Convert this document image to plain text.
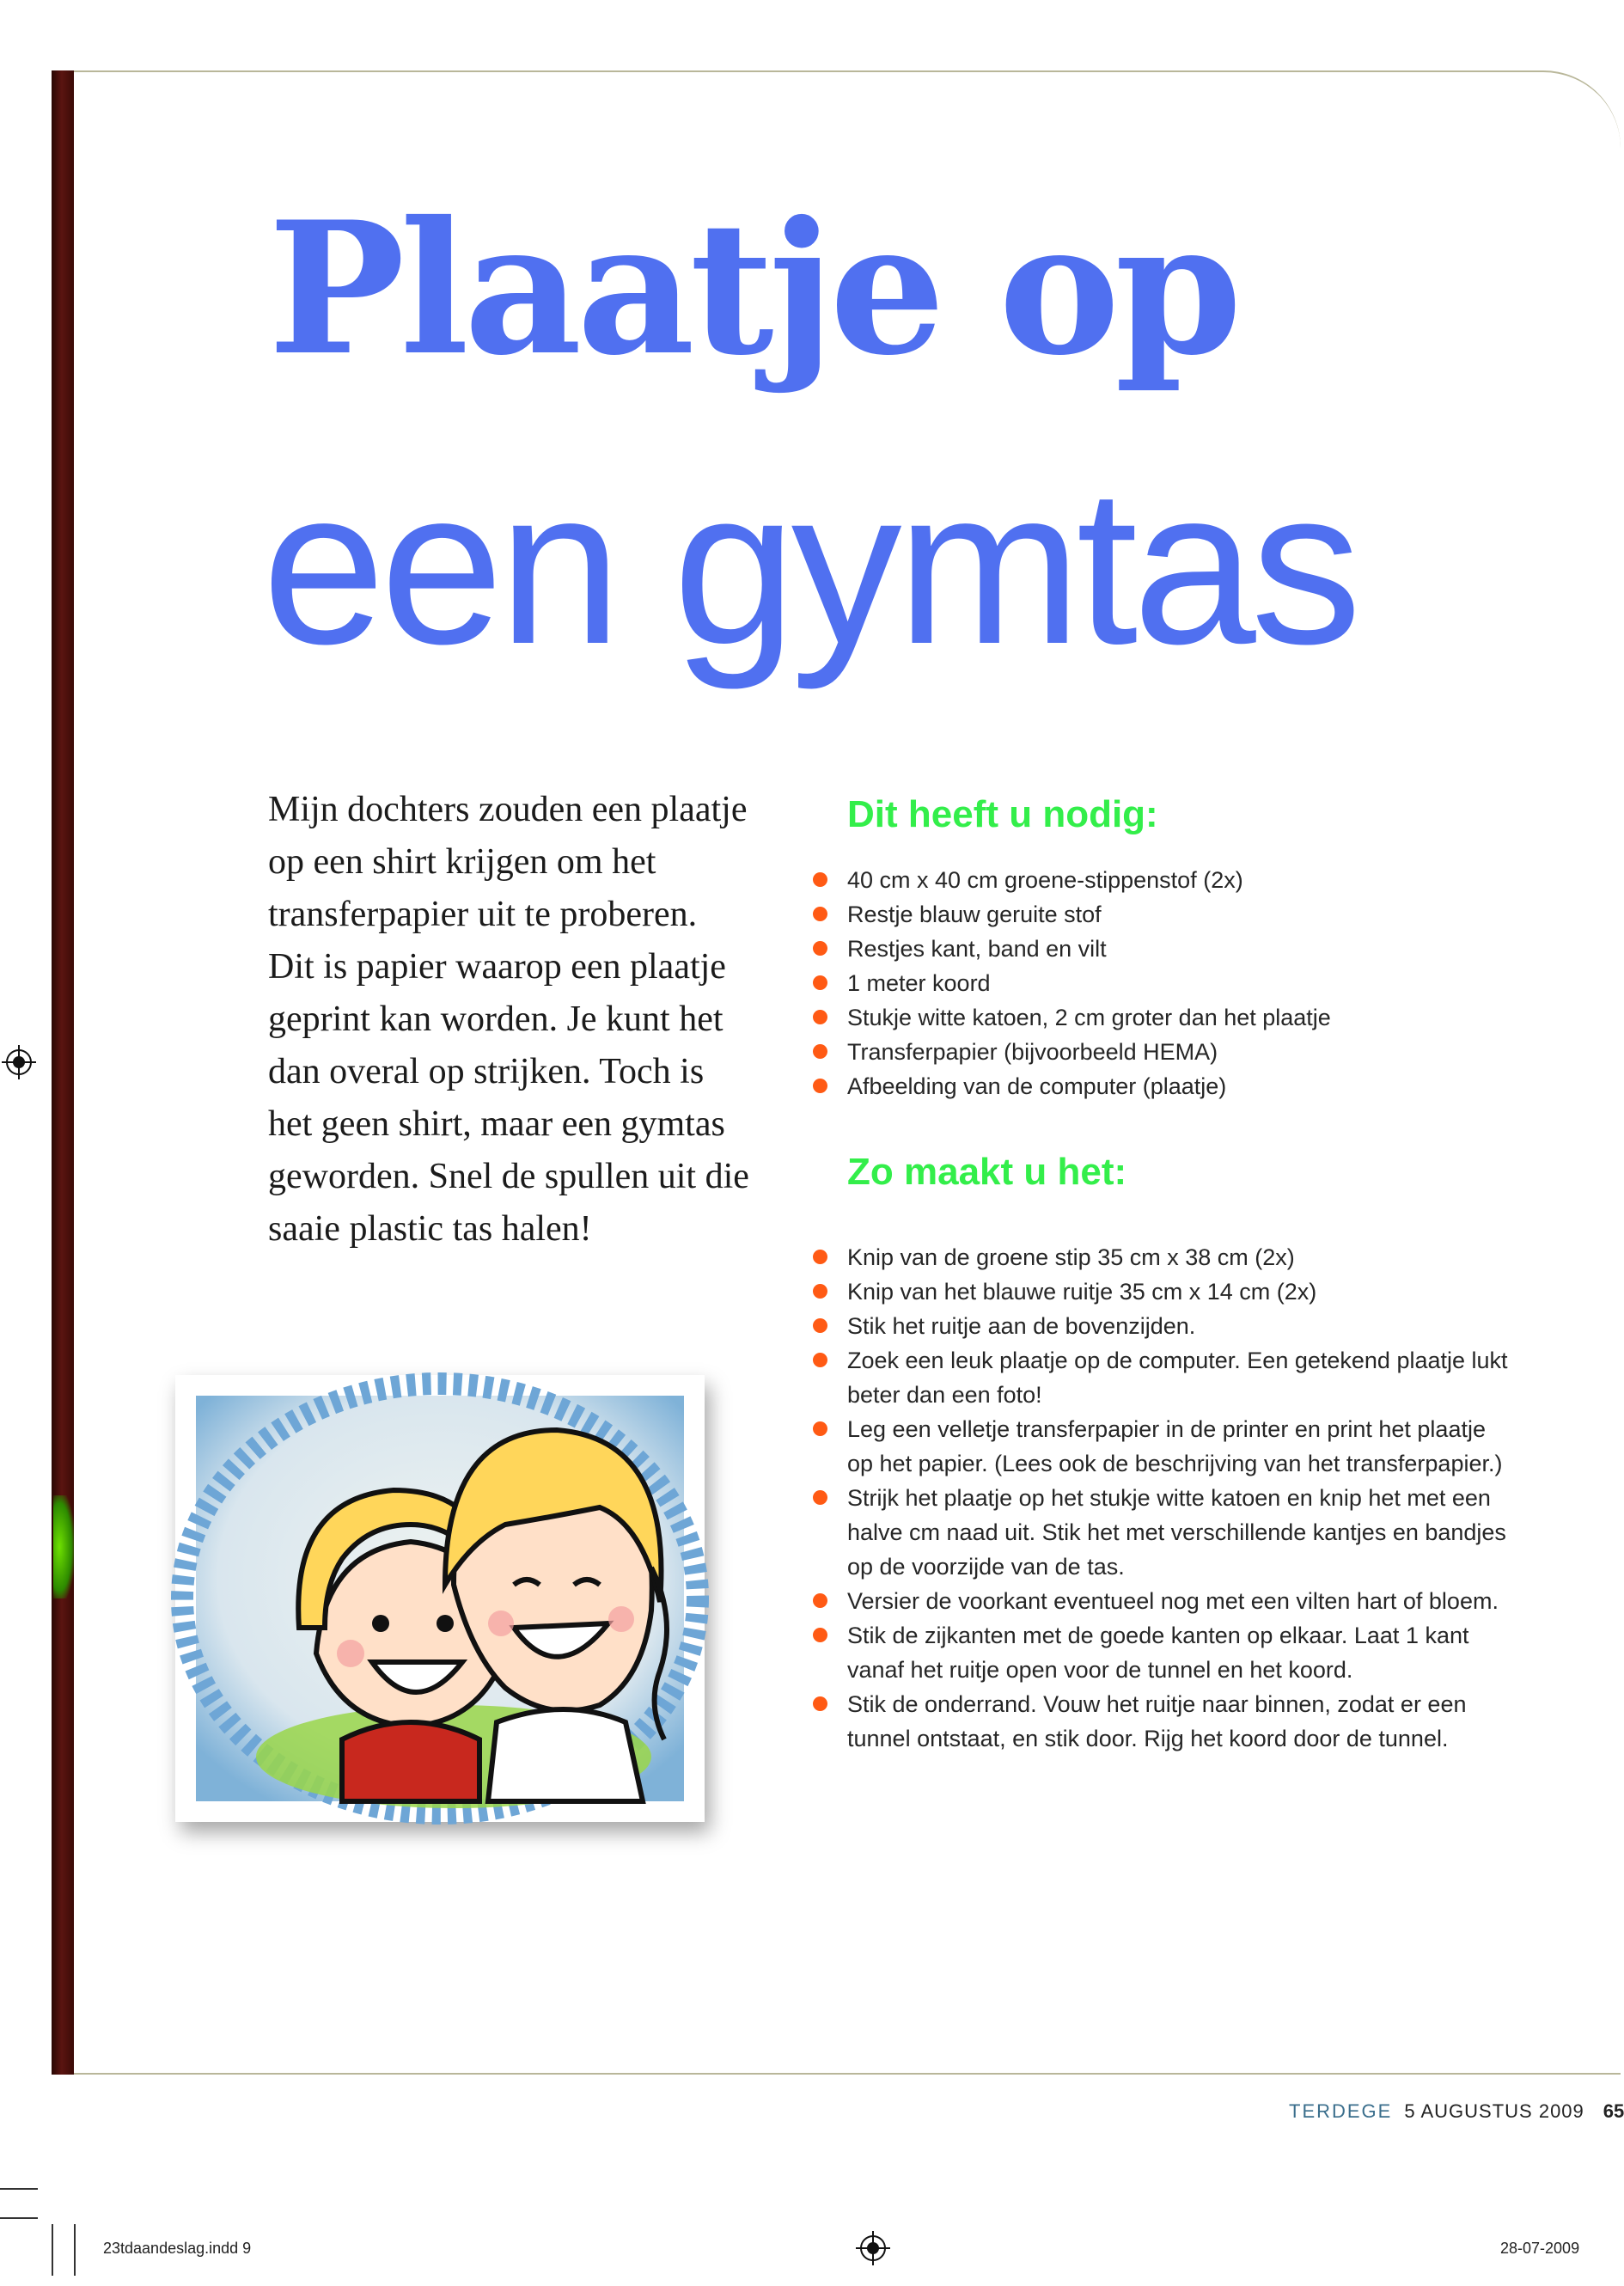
Plaatje op
een gymtas

Mijn dochters zouden een plaatje op een shirt krijgen om het transferpapier uit te proberen. Dit is papier waarop een plaatje geprint kan worden. Je kunt het dan overal op strijken. Toch is het geen shirt, maar een gymtas geworden. Snel de spullen uit die saaie plastic tas halen!

Dit heeft u nodig:
40 cm x 40 cm groene-stippenstof (2x)
Restje blauw geruite stof
Restjes kant, band en vilt
1 meter koord
Stukje witte katoen, 2 cm groter dan het plaatje
Transferpapier (bijvoorbeeld HEMA)
Afbeelding van de computer (plaatje)
Zo maakt u het:
Knip van de groene stip 35 cm x 38 cm (2x)
Knip van het blauwe ruitje 35 cm x 14 cm (2x)
Stik het ruitje aan de bovenzijden.
Zoek een leuk plaatje op de computer. Een getekend plaatje lukt beter dan een foto!
Leg een velletje transferpapier in de printer en print het plaatje op het papier. (Lees ook de beschrijving van het transferpapier.)
Strijk het plaatje op het stukje witte katoen en knip het met een halve cm naad uit. Stik het met verschillende kantjes en bandjes op de voorzijde van de tas.
Versier de voorkant eventueel nog met een vilten hart of bloem.
Stik de zijkanten met de goede kanten op elkaar. Laat 1 kant vanaf het ruitje open voor de tunnel en het koord.
Stik de onderrand. Vouw het ruitje naar binnen, zodat er een tunnel ontstaat, en stik door. Rijg het koord door de tunnel.
TERDEGE 5 AUGUSTUS 2009 65
23tdaandeslag.indd 9	28-07-2009
